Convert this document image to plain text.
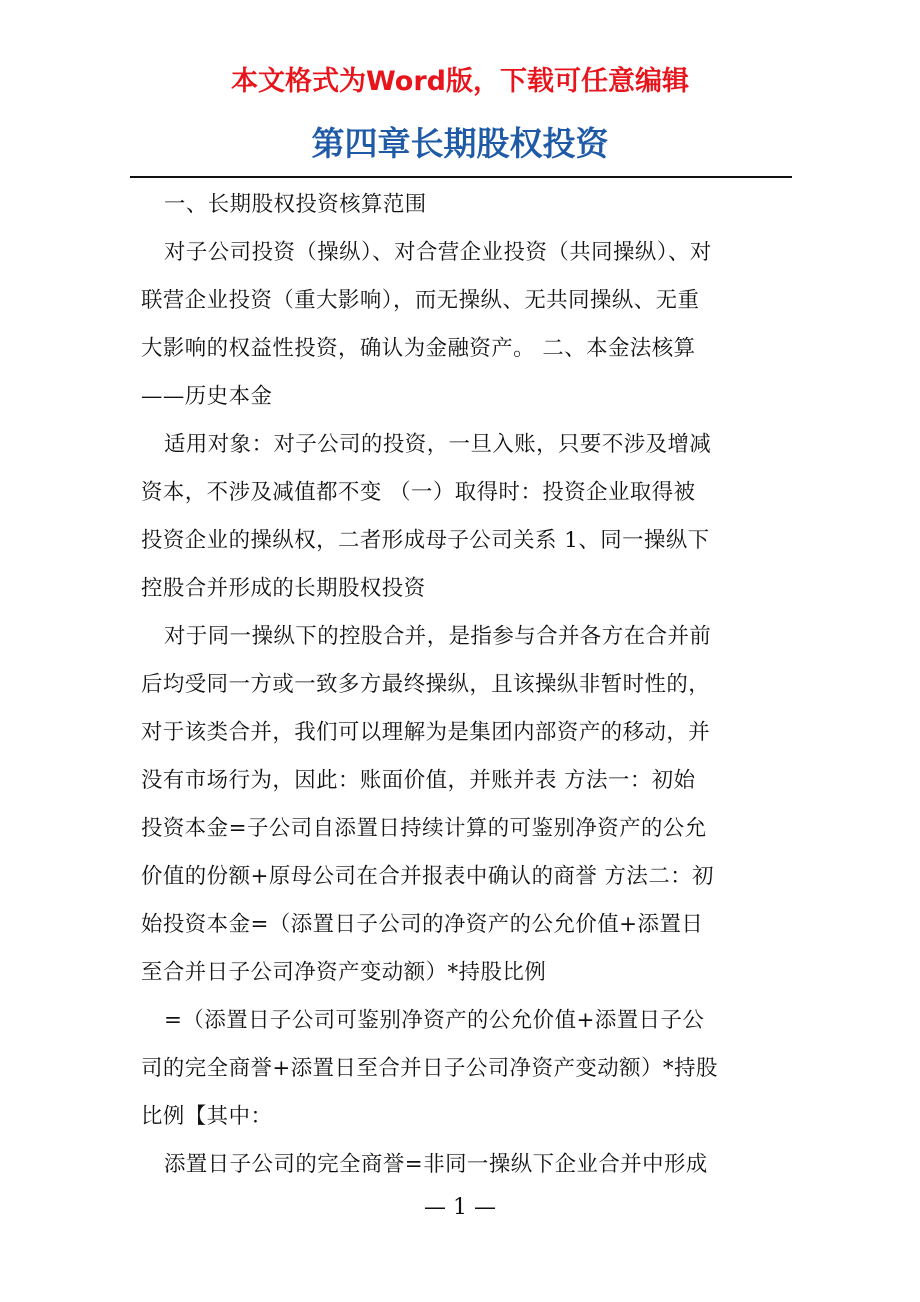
本文格式为Word版，下载可任意编辑
第四章长期股权投资
一、长期股权投资核算范围
对子公司投资（操纵）、对合营企业投资（共同操纵）、对
联营企业投资（重大影响），而无操纵、无共同操纵、无重
大影响的权益性投资，确认为金融资产。 二、本金法核算
——历史本金
适用对象：对子公司的投资，一旦入账，只要不涉及增减
资本，不涉及减值都不变 （一）取得时：投资企业取得被
投资企业的操纵权，二者形成母子公司关系 1、同一操纵下
控股合并形成的长期股权投资
对于同一操纵下的控股合并，是指参与合并各方在合并前
后均受同一方或一致多方最终操纵，且该操纵非暂时性的，
对于该类合并，我们可以理解为是集团内部资产的移动，并
没有市场行为，因此：账面价值，并账并表 方法一：初始
投资本金=子公司自添置日持续计算的可鉴别净资产的公允
价值的份额+原母公司在合并报表中确认的商誉 方法二：初
始投资本金=（添置日子公司的净资产的公允价值+添置日
至合并日子公司净资产变动额）*持股比例
=（添置日子公司可鉴别净资产的公允价值+添置日子公
司的完全商誉+添置日至合并日子公司净资产变动额）*持股
比例【其中：
添置日子公司的完全商誉=非同一操纵下企业合并中形成
— 1 —
